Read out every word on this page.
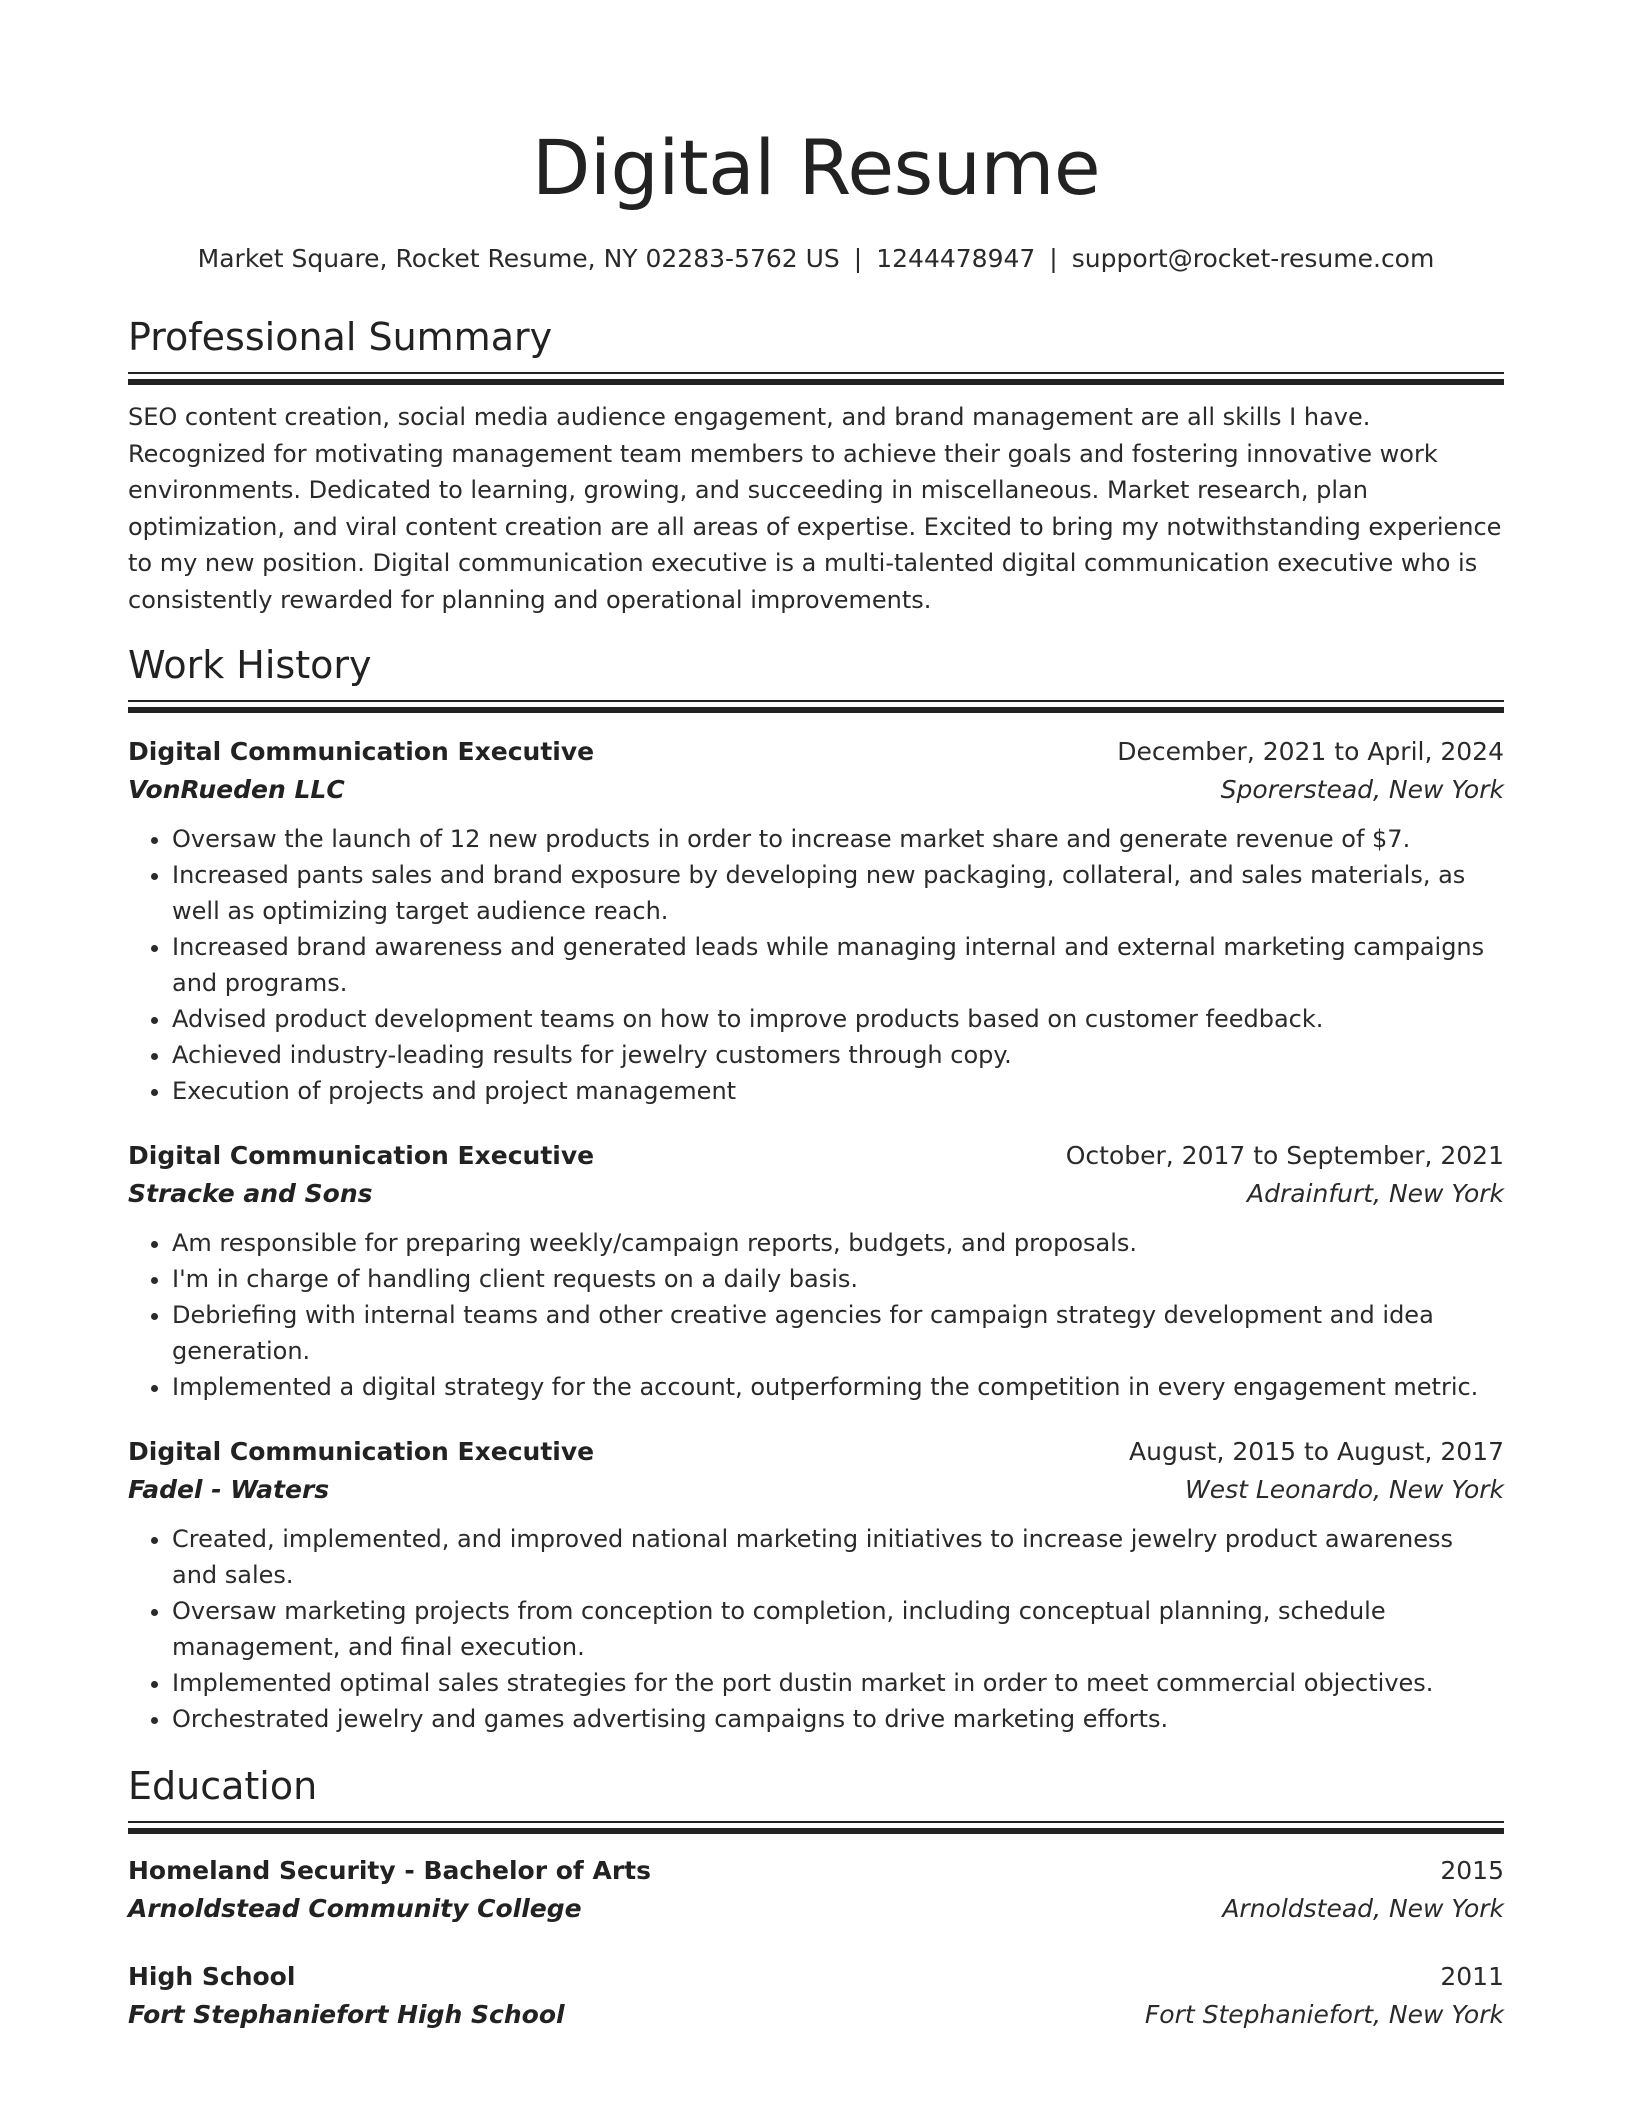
Digital Resume
Market Square, Rocket Resume, NY 02283-5762 US | 1244478947 | support@rocket-resume.com
Professional Summary
SEO content creation, social media audience engagement, and brand management are all skills I have. Recognized for motivating management team members to achieve their goals and fostering innovative work environments. Dedicated to learning, growing, and succeeding in miscellaneous. Market research, plan optimization, and viral content creation are all areas of expertise. Excited to bring my notwithstanding experience to my new position. Digital communication executive is a multi-talented digital communication executive who is consistently rewarded for planning and operational improvements.
Work History
Digital Communication Executive	December, 2021 to April, 2024
VonRueden LLC	Sporerstead, New York
• Oversaw the launch of 12 new products in order to increase market share and generate revenue of $7.
• Increased pants sales and brand exposure by developing new packaging, collateral, and sales materials, as well as optimizing target audience reach.
• Increased brand awareness and generated leads while managing internal and external marketing campaigns and programs.
• Advised product development teams on how to improve products based on customer feedback.
• Achieved industry-leading results for jewelry customers through copy.
• Execution of projects and project management
Digital Communication Executive	October, 2017 to September, 2021
Stracke and Sons	Adrainfurt, New York
• Am responsible for preparing weekly/campaign reports, budgets, and proposals.
• I'm in charge of handling client requests on a daily basis.
• Debriefing with internal teams and other creative agencies for campaign strategy development and idea generation.
• Implemented a digital strategy for the account, outperforming the competition in every engagement metric.
Digital Communication Executive	August, 2015 to August, 2017
Fadel - Waters	West Leonardo, New York
• Created, implemented, and improved national marketing initiatives to increase jewelry product awareness and sales.
• Oversaw marketing projects from conception to completion, including conceptual planning, schedule management, and final execution.
• Implemented optimal sales strategies for the port dustin market in order to meet commercial objectives.
• Orchestrated jewelry and games advertising campaigns to drive marketing efforts.
Education
Homeland Security - Bachelor of Arts	2015
Arnoldstead Community College	Arnoldstead, New York
High School	2011
Fort Stephaniefort High School	Fort Stephaniefort, New York
